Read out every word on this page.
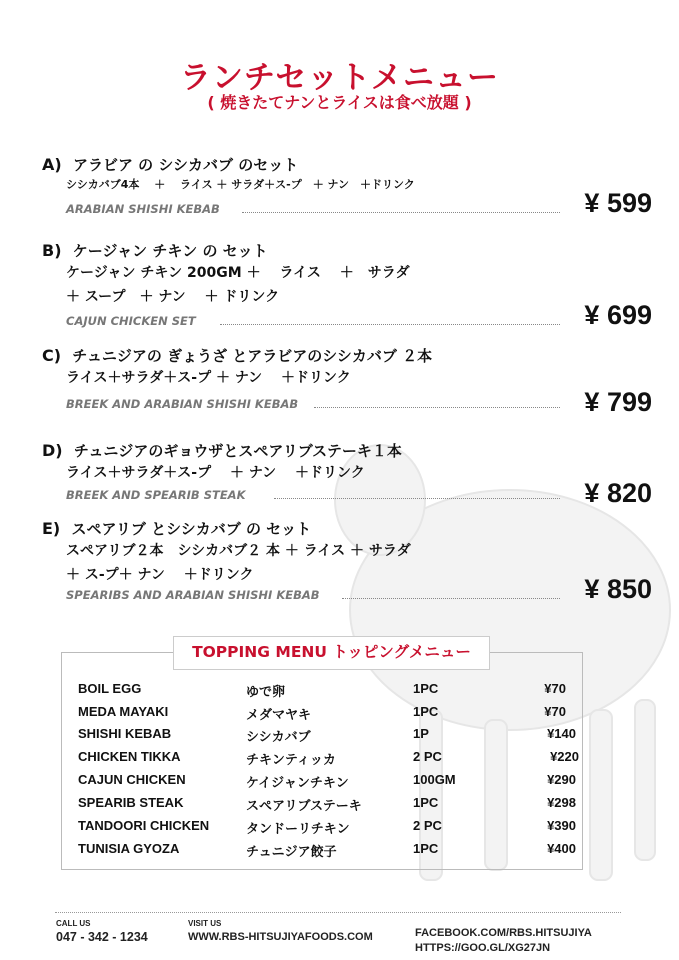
ランチセットメニュー
( 焼きたてナンとライスは食べ放題 )
A) アラビア の シシカバブ のセット
シシカバブ4本　 ＋　 ライス ＋ サラダ＋ス-プ　＋ ナン　＋ドリンク
ARABIAN SHISHI KEBAB	¥ 599
B) ケージャン チキン の セット
ケージャン チキン 200GM ＋　 ライス　 ＋　サラダ
＋ スープ　＋ ナン　 ＋ ドリンク
CAJUN CHICKEN SET	¥ 699
C) チュニジアの ぎょうざ とアラビアのシシカバブ ２本
ライス＋サラダ＋ス-プ ＋ ナン　 ＋ドリンク
BREEK AND ARABIAN SHISHI KEBAB	¥ 799
D) チュニジアのギョウザとスペアリブステーキ１本
ライス＋サラダ＋ス-プ　 ＋ ナン　 ＋ドリンク
BREEK AND SPEARIB STEAK	¥ 820
E) スペアリブ とシシカバブ の セット
スペアリブ２本　シシカバブ２ 本 ＋ ライス ＋ サラダ
＋ ス-プ＋ ナン　 ＋ドリンク
SPEARIBS AND ARABIAN SHISHI KEBAB	¥ 850
TOPPING MENU トッピングメニュー
BOIL EGG	ゆで卵	1PC	¥70
MEDA MAYAKI	メダマヤキ	1PC	¥70
SHISHI KEBAB	シシカバブ	1P	¥140
CHICKEN TIKKA	チキンティッカ	2 PC	¥220
CAJUN CHICKEN	ケイジャンチキン	100GM	¥290
SPEARIB STEAK	スペアリブステーキ	1PC	¥298
TANDOORI CHICKEN	タンドーリチキン	2 PC	¥390
TUNISIA GYOZA	チュニジア餃子	1PC	¥400
CALL US
047 - 342 - 1234
VISIT US
WWW.RBS-HITSUJIYAFOODS.COM	FACEBOOK.COM/RBS.HITSUJIYA
HTTPS://GOO.GL/XG27JN
